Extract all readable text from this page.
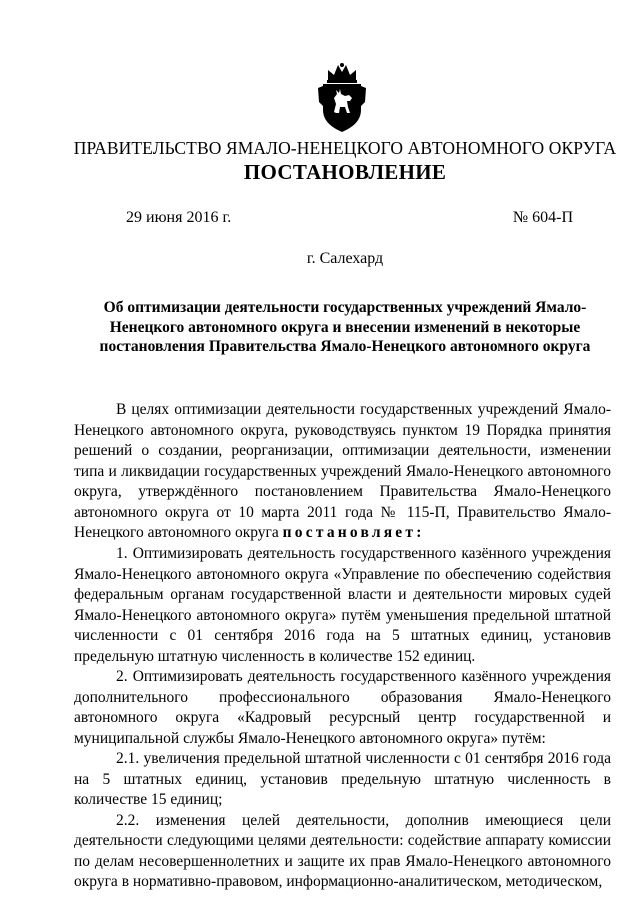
ПРАВИТЕЛЬСТВО ЯМАЛО-НЕНЕЦКОГО АВТОНОМНОГО ОКРУГА
ПОСТАНОВЛЕНИЕ
29 июня 2016 г.	№ 604-П
г. Салехард
Об оптимизации деятельности государственных учреждений Ямало-Ненецкого автономного округа и внесении изменений в некоторые постановления Правительства Ямало-Ненецкого автономного округа

В целях оптимизации деятельности государственных учреждений Ямало-Ненецкого автономного округа, руководствуясь пунктом 19 Порядка принятия решений о создании, реорганизации, оптимизации деятельности, изменении типа и ликвидации государственных учреждений Ямало-Ненецкого автономного округа, утверждённого постановлением Правительства Ямало-Ненецкого автономного округа от 10 марта 2011 года № 115-П, Правительство Ямало-Ненецкого автономного округа постановляет:

1. Оптимизировать деятельность государственного казённого учреждения Ямало-Ненецкого автономного округа «Управление по обеспечению содействия федеральным органам государственной власти и деятельности мировых судей Ямало-Ненецкого автономного округа» путём уменьшения предельной штатной численности с 01 сентября 2016 года на 5 штатных единиц, установив предельную штатную численность в количестве 152 единиц.

2. Оптимизировать деятельность государственного казённого учреждения дополнительного профессионального образования Ямало-Ненецкого автономного округа «Кадровый ресурсный центр государственной и муниципальной службы Ямало-Ненецкого автономного округа» путём:

2.1. увеличения предельной штатной численности с 01 сентября 2016 года на 5 штатных единиц, установив предельную штатную численность в количестве 15 единиц;

2.2. изменения целей деятельности, дополнив имеющиеся цели деятельности следующими целями деятельности: содействие аппарату комиссии по делам несовершеннолетних и защите их прав Ямало-Ненецкого автономного округа в нормативно-правовом, информационно-аналитическом, методическом,
